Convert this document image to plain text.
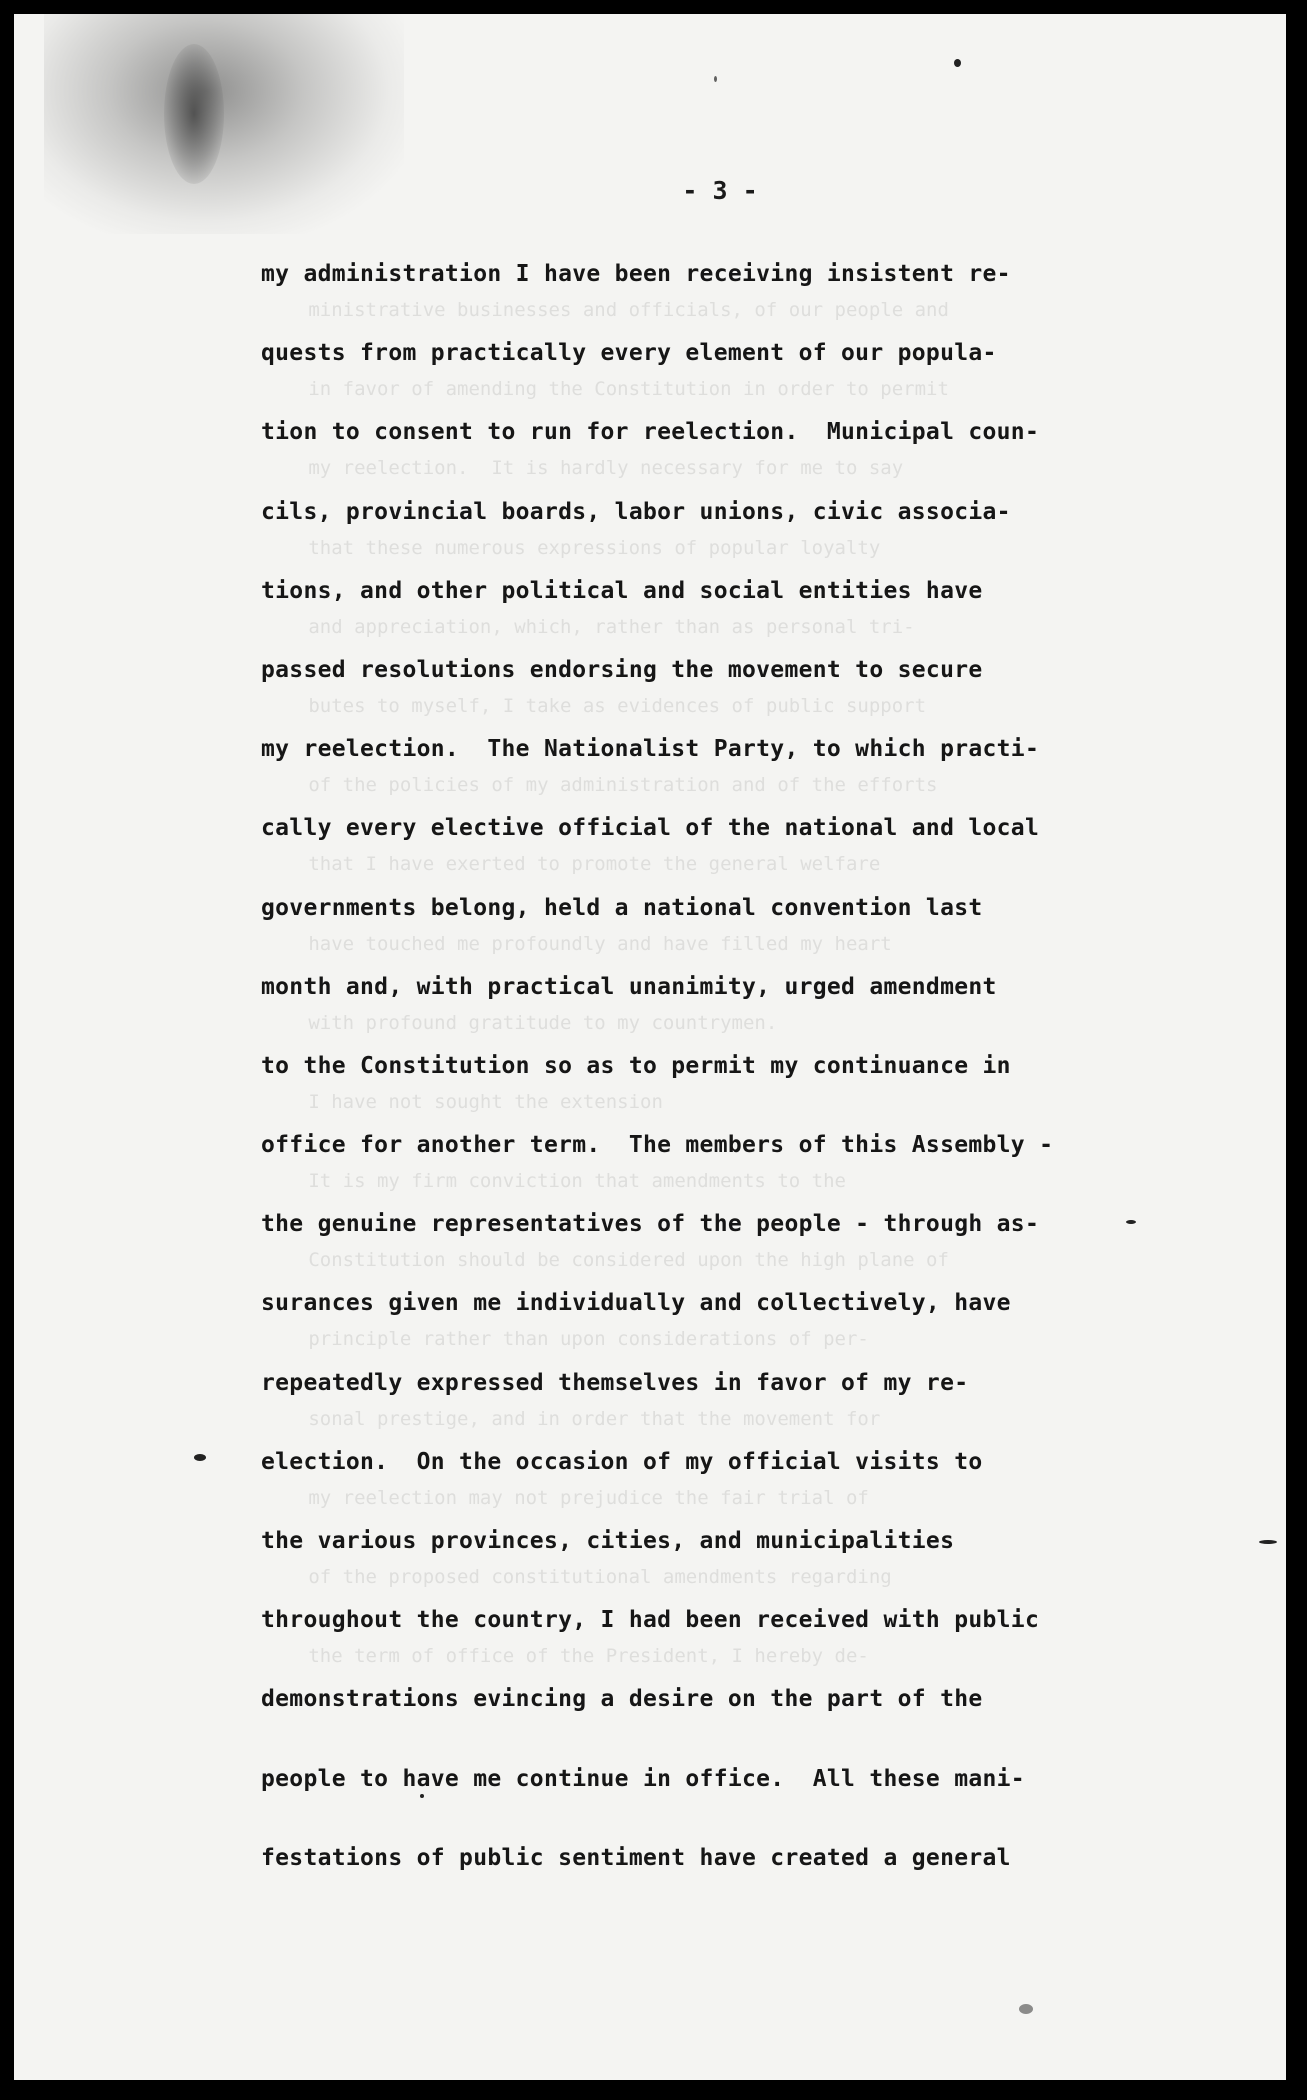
ministrative businesses and officials, of our people and
in favor of amending the Constitution in order to permit
my reelection.  It is hardly necessary for me to say
that these numerous expressions of popular loyalty
and appreciation, which, rather than as personal tri-
butes to myself, I take as evidences of public support
of the policies of my administration and of the efforts
that I have exerted to promote the general welfare
have touched me profoundly and have filled my heart
with profound gratitude to my countrymen.
I have not sought the extension
It is my firm conviction that amendments to the
Constitution should be considered upon the high plane of
principle rather than upon considerations of per-
sonal prestige, and in order that the movement for
my reelection may not prejudice the fair trial of
of the proposed constitutional amendments regarding
the term of office of the President, I hereby de-
- 3 -
my administration I have been receiving insistent re-
quests from practically every element of our popula-
tion to consent to run for reelection.  Municipal coun-
cils, provincial boards, labor unions, civic associa-
tions, and other political and social entities have
passed resolutions endorsing the movement to secure
my reelection.  The Nationalist Party, to which practi-
cally every elective official of the national and local
governments belong, held a national convention last
month and, with practical unanimity, urged amendment
to the Constitution so as to permit my continuance in
office for another term.  The members of this Assembly -
the genuine representatives of the people - through as-
surances given me individually and collectively, have
repeatedly expressed themselves in favor of my re-
election.  On the occasion of my official visits to
the various provinces, cities, and municipalities
throughout the country, I had been received with public
demonstrations evincing a desire on the part of the
people to have me continue in office.  All these mani-
festations of public sentiment have created a general
